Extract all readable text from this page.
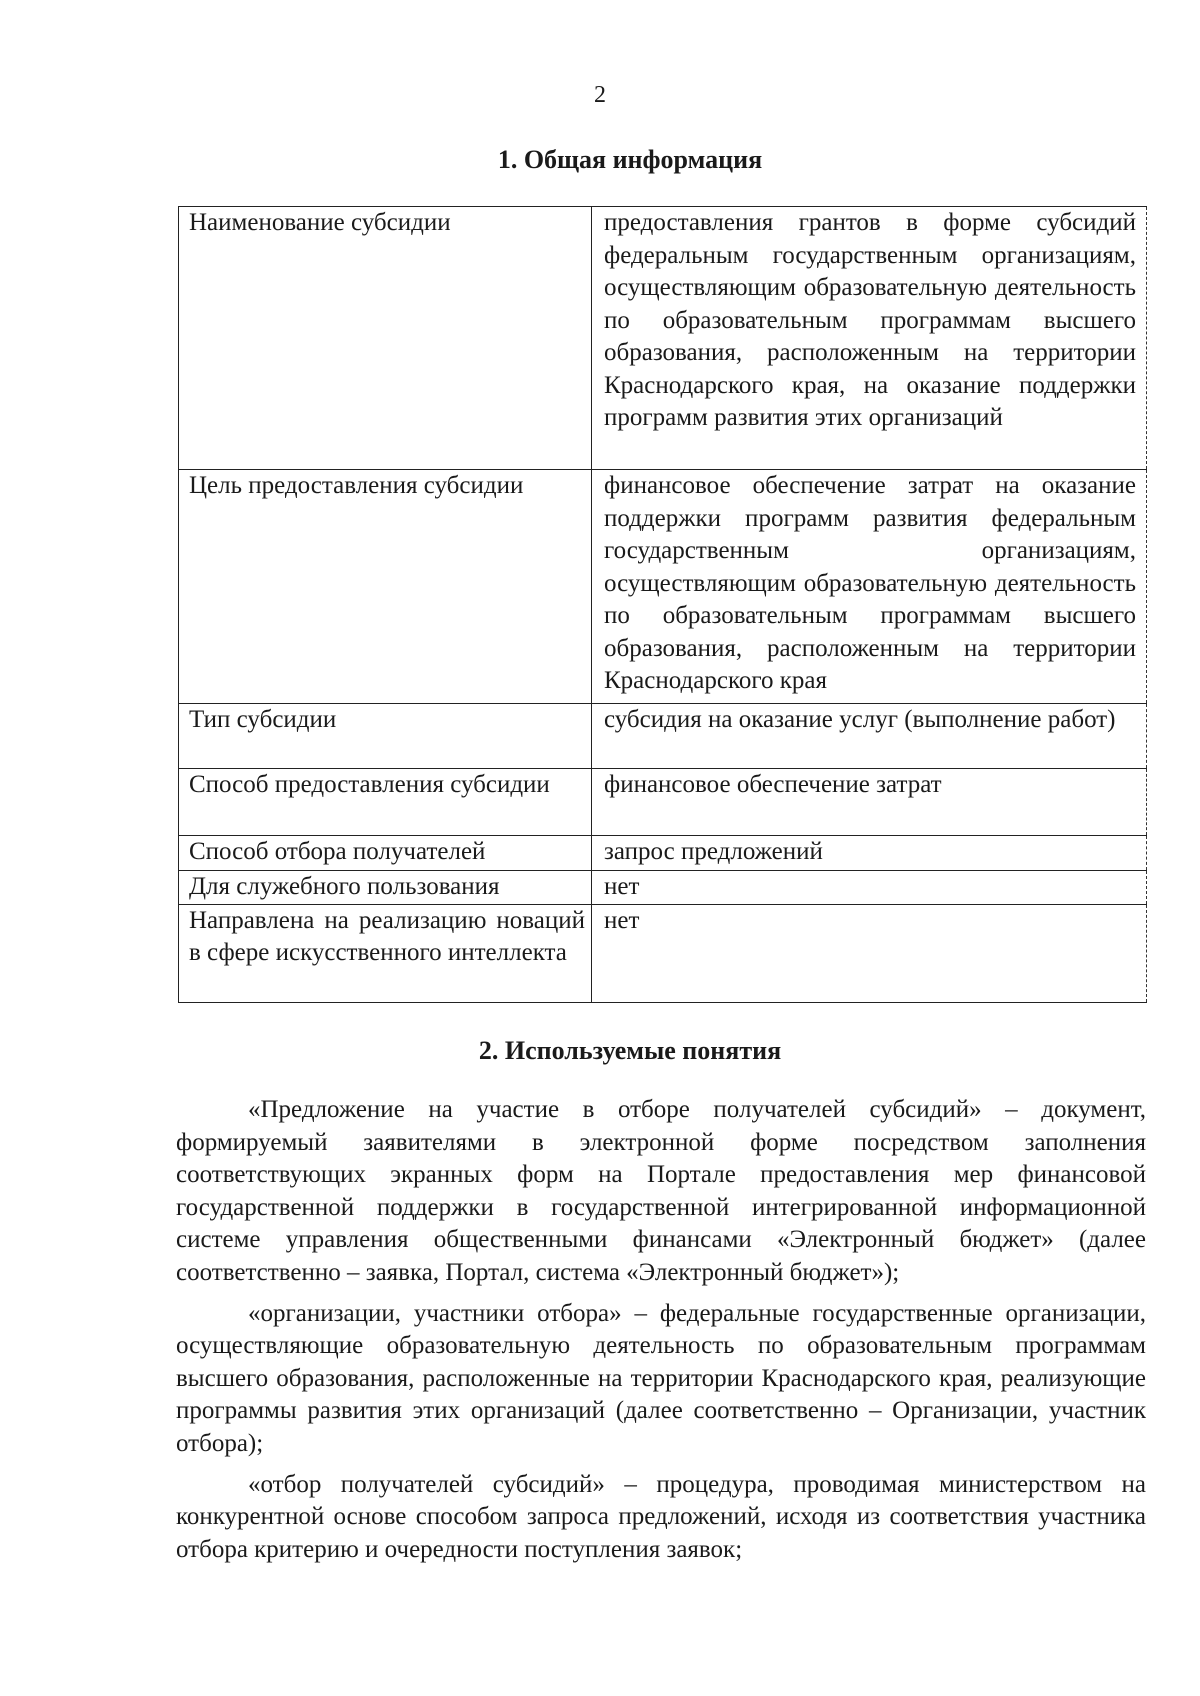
2
1. Общая информация
Наименование субсидии	предоставления грантов в форме субсидий федеральным государственным организациям, осуществляющим образовательную деятельность по образовательным программам высшего образования, расположенным на территории Краснодарского края, на оказание поддержки программ развития этих организаций
Цель предоставления субсидии	финансовое обеспечение затрат на оказание поддержки программ развития федеральным государственным организациям, осуществляющим образовательную деятельность по образовательным программам высшего образования, расположенным на территории Краснодарского края
Тип субсидии	субсидия на оказание услуг (выполнение работ)
Способ предоставления субсидии	финансовое обеспечение затрат
Способ отбора получателей	запрос предложений
Для служебного пользования	нет
Направлена на реализацию новаций в сфере искусственного интеллекта	нет
2. Используемые понятия

«Предложение на участие в отборе получателей субсидий» – документ, формируемый заявителями в электронной форме посредством заполнения соответствующих экранных форм на Портале предоставления мер финансовой государственной поддержки в государственной интегрированной информационной системе управления общественными финансами «Электронный бюджет» (далее соответственно – заявка, Портал, система «Электронный бюджет»);

«организации, участники отбора» – федеральные государственные организации, осуществляющие образовательную деятельность по образовательным программам высшего образования, расположенные на территории Краснодарского края, реализующие программы развития этих организаций (далее соответственно – Организации, участник отбора);

«отбор получателей субсидий» – процедура, проводимая министерством на конкурентной основе способом запроса предложений, исходя из соответствия участника отбора критерию и очередности поступления заявок;
